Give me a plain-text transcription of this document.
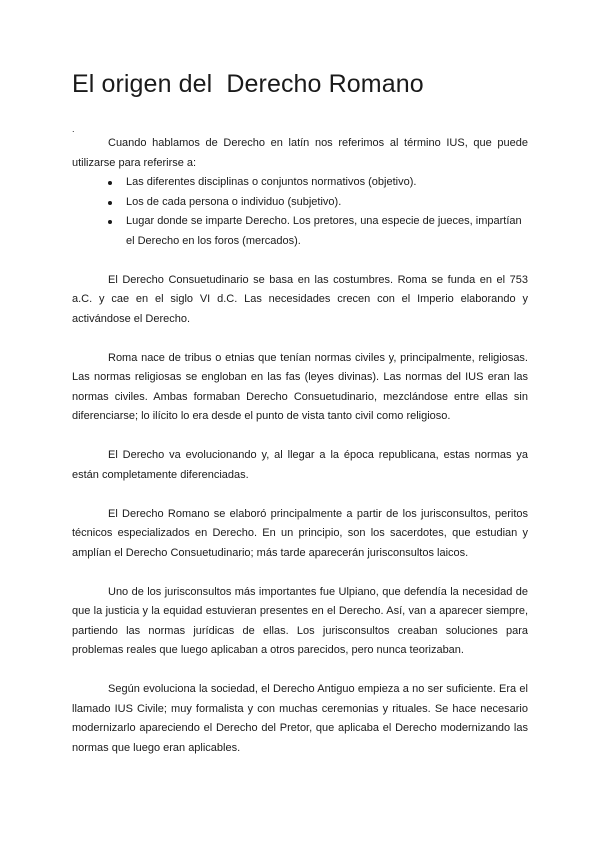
El origen del  Derecho Romano
.

Cuando hablamos de Derecho en latín nos referimos al término IUS, que puede utilizarse para referirse a:

Las diferentes disciplinas o conjuntos normativos (objetivo).
Los de cada persona o individuo (subjetivo).
Lugar donde se imparte Derecho. Los pretores, una especie de jueces, impartían el Derecho en los foros (mercados).

El Derecho Consuetudinario se basa en las costumbres. Roma se funda en el 753 a.C. y cae en el siglo VI d.C. Las necesidades crecen con el Imperio elaborando y activándose el Derecho.

Roma nace de tribus o etnias que tenían normas civiles y, principalmente, religiosas. Las normas religiosas se engloban en las fas (leyes divinas). Las normas del IUS eran las normas civiles. Ambas formaban Derecho Consuetudinario, mezclándose entre ellas sin diferenciarse; lo ilícito lo era desde el punto de vista tanto civil como religioso.

El Derecho va evolucionando y, al llegar a la época republicana, estas normas ya están completamente diferenciadas.

El Derecho Romano se elaboró principalmente a partir de los jurisconsultos, peritos técnicos especializados en Derecho. En un principio, son los sacerdotes, que estudian y amplían el Derecho Consuetudinario; más tarde aparecerán jurisconsultos laicos.

Uno de los jurisconsultos más importantes fue Ulpiano, que defendía la necesidad de que la justicia y la equidad estuvieran presentes en el Derecho. Así, van a aparecer siempre, partiendo las normas jurídicas de ellas. Los jurisconsultos creaban soluciones para problemas reales que luego aplicaban a otros parecidos, pero nunca teorizaban.

Según evoluciona la sociedad, el Derecho Antiguo empieza a no ser suficiente. Era el llamado IUS Civile; muy formalista y con muchas ceremonias y rituales. Se hace necesario modernizarlo apareciendo el Derecho del Pretor, que aplicaba el Derecho modernizando las normas que luego eran aplicables.
